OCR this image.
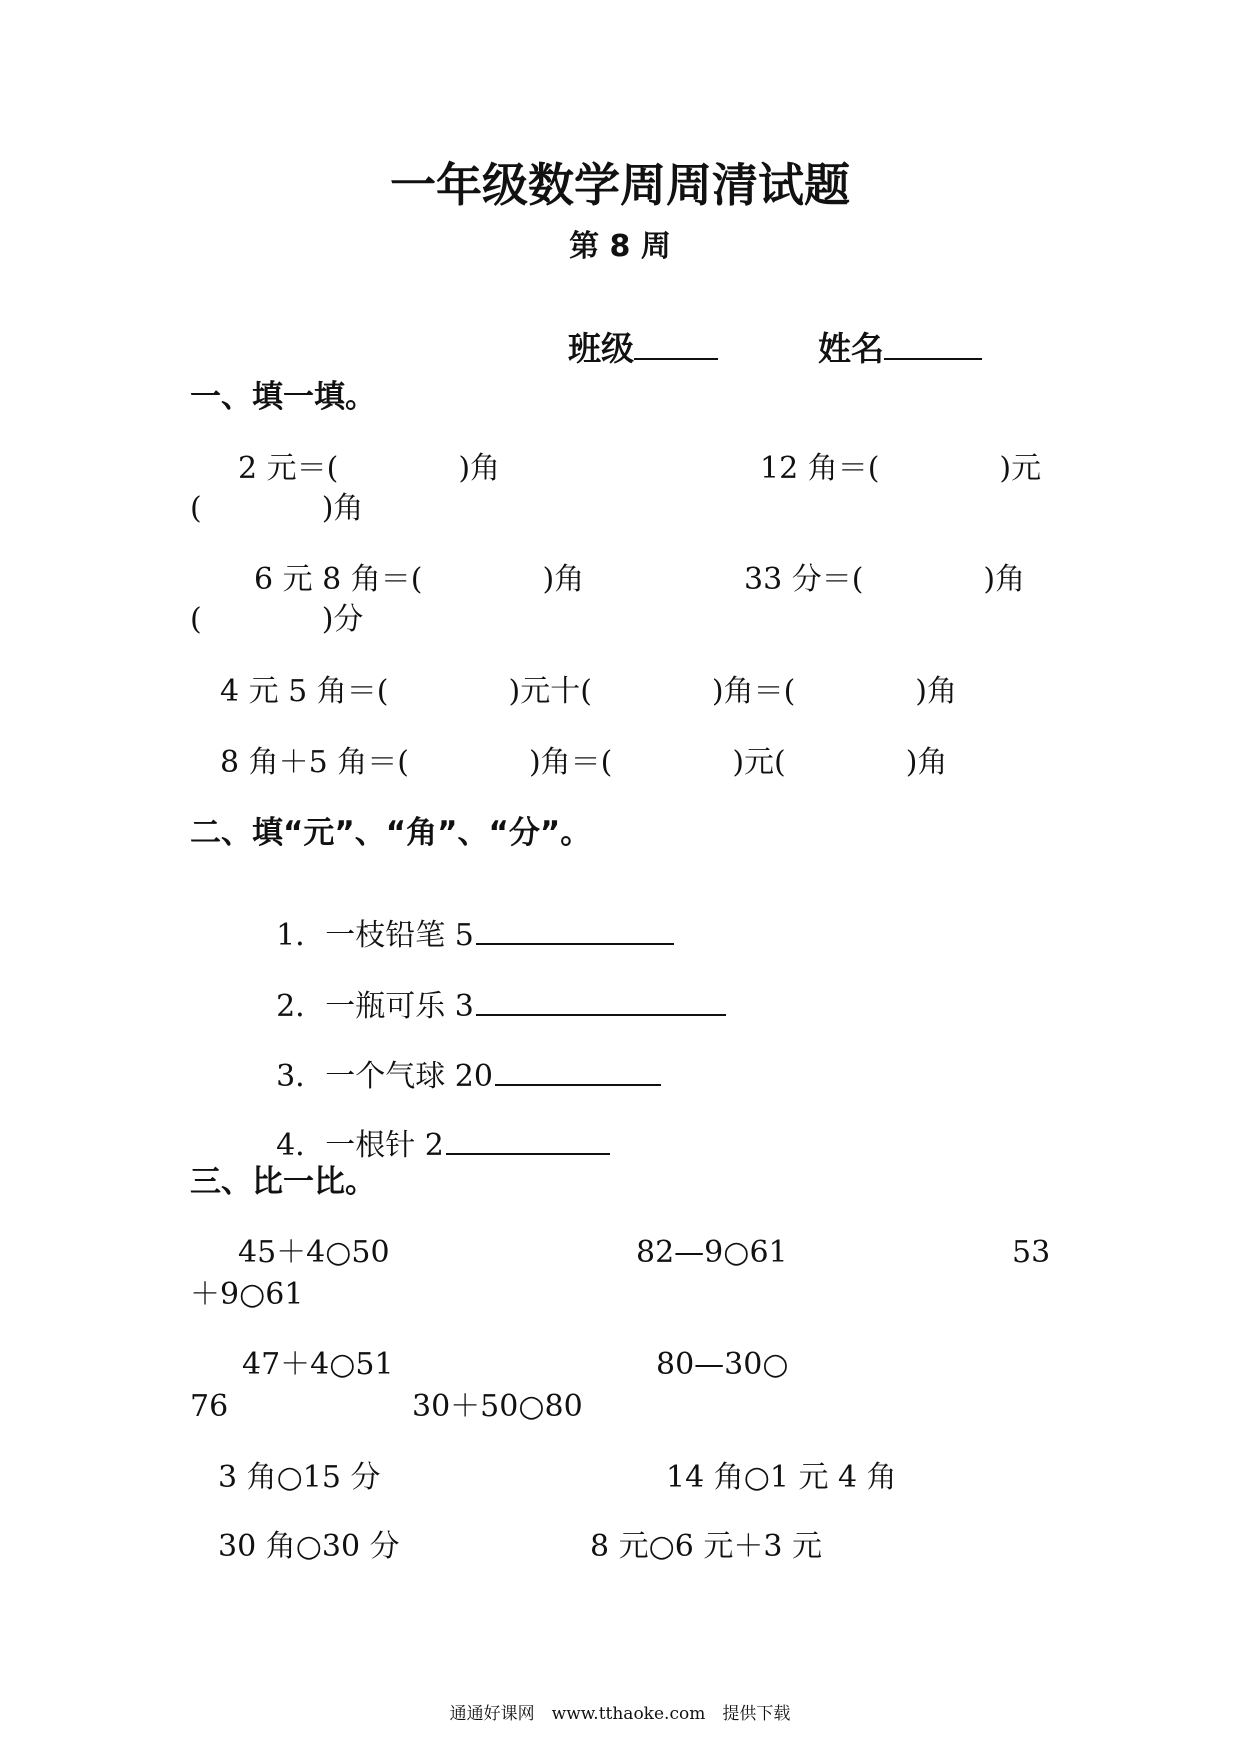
一年级数学周周清试题
第 8 周

班级
	姓名

一、填一填。
2 元＝(　　　　)角	12 角＝(　　　　)元
(　　　　)角
6 元 8 角＝(　　　　)角	33 分＝(　　　　)角
(　　　　)分
4 元 5 角＝(　　　　)元十(　　　　)角＝(　　　　)角
8 角＋5 角＝(　　　　)角＝(　　　　)元(　　　　)角
二、填“元”、“角”、“分”。

1．一枝铅笔 5

2．一瓶可乐 3

3．一个气球 20

4．一根针 2

三、比一比。
45＋4○50	82—9○61	53
＋9○61
47＋4○51	80—30○
76	30＋50○80
3 角○15 分	14 角○1 元 4 角
30 角○30 分	8 元○6 元＋3 元
通通好课网　www.tthaoke.com　提供下载
